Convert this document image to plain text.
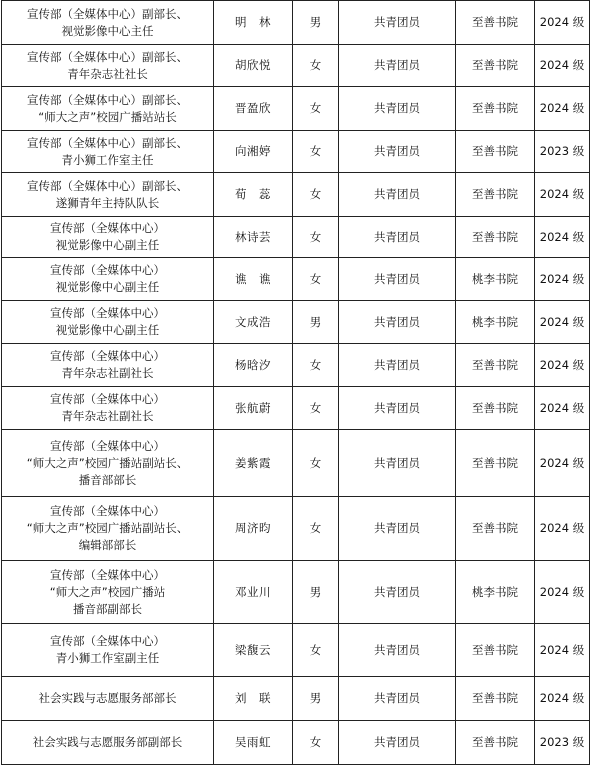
宣传部（全媒体中心）副部长、
视觉影像中心主任	明　林	男	共青团员	至善书院	2024 级

宣传部（全媒体中心）副部长、
青年杂志社社长	胡欣悦	女	共青团员	至善书院	2024 级

宣传部（全媒体中心）副部长、
“师大之声”校园广播站站长	晋盈欣	女	共青团员	至善书院	2024 级

宣传部（全媒体中心）副部长、
青小狮工作室主任	向湘婷	女	共青团员	至善书院	2023 级

宣传部（全媒体中心）副部长、
遂狮青年主持队队长	荀　蕊	女	共青团员	至善书院	2024 级

宣传部（全媒体中心）
视觉影像中心副主任	林诗芸	女	共青团员	至善书院	2024 级

宣传部（全媒体中心）
视觉影像中心副主任	谯　谯	女	共青团员	桃李书院	2024 级

宣传部（全媒体中心）
视觉影像中心副主任	文成浩	男	共青团员	桃李书院	2024 级

宣传部（全媒体中心）
青年杂志社副社长	杨晗汐	女	共青团员	至善书院	2024 级

宣传部（全媒体中心）
青年杂志社副社长	张航蔚	女	共青团员	至善书院	2024 级

宣传部（全媒体中心）
“师大之声”校园广播站副站长、
播音部部长	姜紫霞	女	共青团员	至善书院	2024 级

宣传部（全媒体中心）
“师大之声”校园广播站副站长、
编辑部部长	周济昀	女	共青团员	至善书院	2024 级

宣传部（全媒体中心）
“师大之声”校园广播站
播音部副部长	邓业川	男	共青团员	桃李书院	2024 级

宣传部（全媒体中心）
青小狮工作室副主任	梁馥云	女	共青团员	至善书院	2024 级

社会实践与志愿服务部部长	刘　联	男	共青团员	至善书院	2024 级

社会实践与志愿服务部副部长	吴雨虹	女	共青团员	至善书院	2023 级
